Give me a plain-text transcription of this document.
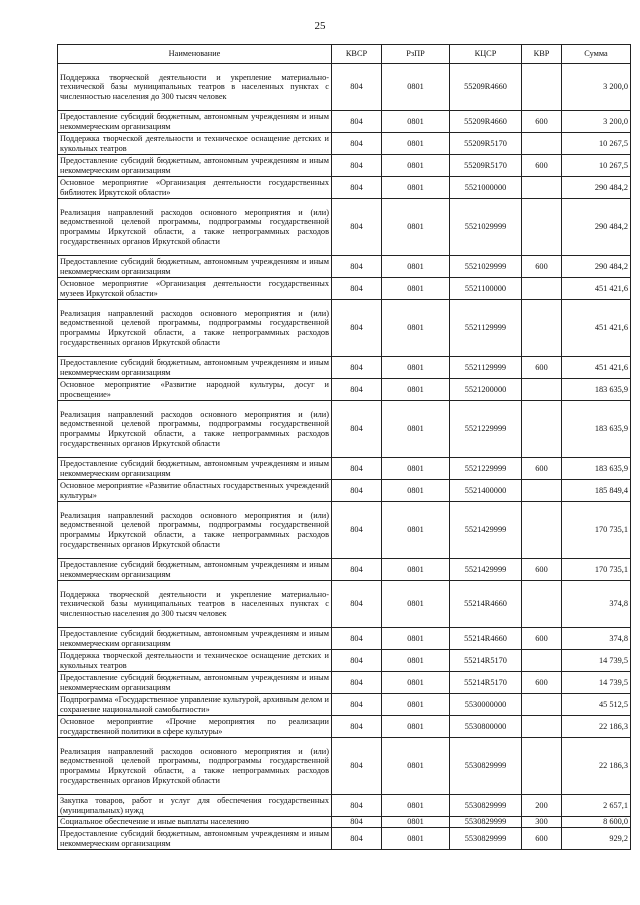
25
Наименование	КВСР	РзПР	КЦСР	КВР	Сумма
Поддержка творческой деятельности и укрепление материально-технической базы муниципальных театров в населенных пунктах с численностью населения до 300 тысяч человек	804	0801	55209R4660		3 200,0
Предоставление субсидий бюджетным, автономным учреждениям и иным некоммерческим организациям	804	0801	55209R4660	600	3 200,0
Поддержка творческой деятельности и техническое оснащение детских и кукольных театров	804	0801	55209R5170		10 267,5
Предоставление субсидий бюджетным, автономным учреждениям и иным некоммерческим организациям	804	0801	55209R5170	600	10 267,5
Основное мероприятие «Организация деятельности государственных библиотек Иркутской области»	804	0801	5521000000		290 484,2
Реализация направлений расходов основного мероприятия и (или) ведомственной целевой программы, подпрограммы государственной программы Иркутской области, а также непрограммных расходов государственных органов Иркутской области	804	0801	5521029999		290 484,2
Предоставление субсидий бюджетным, автономным учреждениям и иным некоммерческим организациям	804	0801	5521029999	600	290 484,2
Основное мероприятие «Организация деятельности государственных музеев Иркутской области»	804	0801	5521100000		451 421,6
Реализация направлений расходов основного мероприятия и (или) ведомственной целевой программы, подпрограммы государственной программы Иркутской области, а также непрограммных расходов государственных органов Иркутской области	804	0801	5521129999		451 421,6
Предоставление субсидий бюджетным, автономным учреждениям и иным некоммерческим организациям	804	0801	5521129999	600	451 421,6
Основное мероприятие «Развитие народной культуры, досуг и просвещение»	804	0801	5521200000		183 635,9
Реализация направлений расходов основного мероприятия и (или) ведомственной целевой программы, подпрограммы государственной программы Иркутской области, а также непрограммных расходов государственных органов Иркутской области	804	0801	5521229999		183 635,9
Предоставление субсидий бюджетным, автономным учреждениям и иным некоммерческим организациям	804	0801	5521229999	600	183 635,9
Основное мероприятие «Развитие областных государственных учреждений культуры»	804	0801	5521400000		185 849,4
Реализация направлений расходов основного мероприятия и (или) ведомственной целевой программы, подпрограммы государственной программы Иркутской области, а также непрограммных расходов государственных органов Иркутской области	804	0801	5521429999		170 735,1
Предоставление субсидий бюджетным, автономным учреждениям и иным некоммерческим организациям	804	0801	5521429999	600	170 735,1
Поддержка творческой деятельности и укрепление материально-технической базы муниципальных театров в населенных пунктах с численностью населения до 300 тысяч человек	804	0801	55214R4660		374,8
Предоставление субсидий бюджетным, автономным учреждениям и иным некоммерческим организациям	804	0801	55214R4660	600	374,8
Поддержка творческой деятельности и техническое оснащение детских и кукольных театров	804	0801	55214R5170		14 739,5
Предоставление субсидий бюджетным, автономным учреждениям и иным некоммерческим организациям	804	0801	55214R5170	600	14 739,5
Подпрограмма «Государственное управление культурой, архивным делом и сохранение национальной самобытности»	804	0801	5530000000		45 512,5
Основное мероприятие «Прочие мероприятия по реализации государственной политики в сфере культуры»	804	0801	5530800000		22 186,3
Реализация направлений расходов основного мероприятия и (или) ведомственной целевой программы, подпрограммы государственной программы Иркутской области, а также непрограммных расходов государственных органов Иркутской области	804	0801	5530829999		22 186,3
Закупка товаров, работ и услуг для обеспечения государственных (муниципальных) нужд	804	0801	5530829999	200	2 657,1
Социальное обеспечение и иные выплаты населению	804	0801	5530829999	300	8 600,0
Предоставление субсидий бюджетным, автономным учреждениям и иным некоммерческим организациям	804	0801	5530829999	600	929,2
